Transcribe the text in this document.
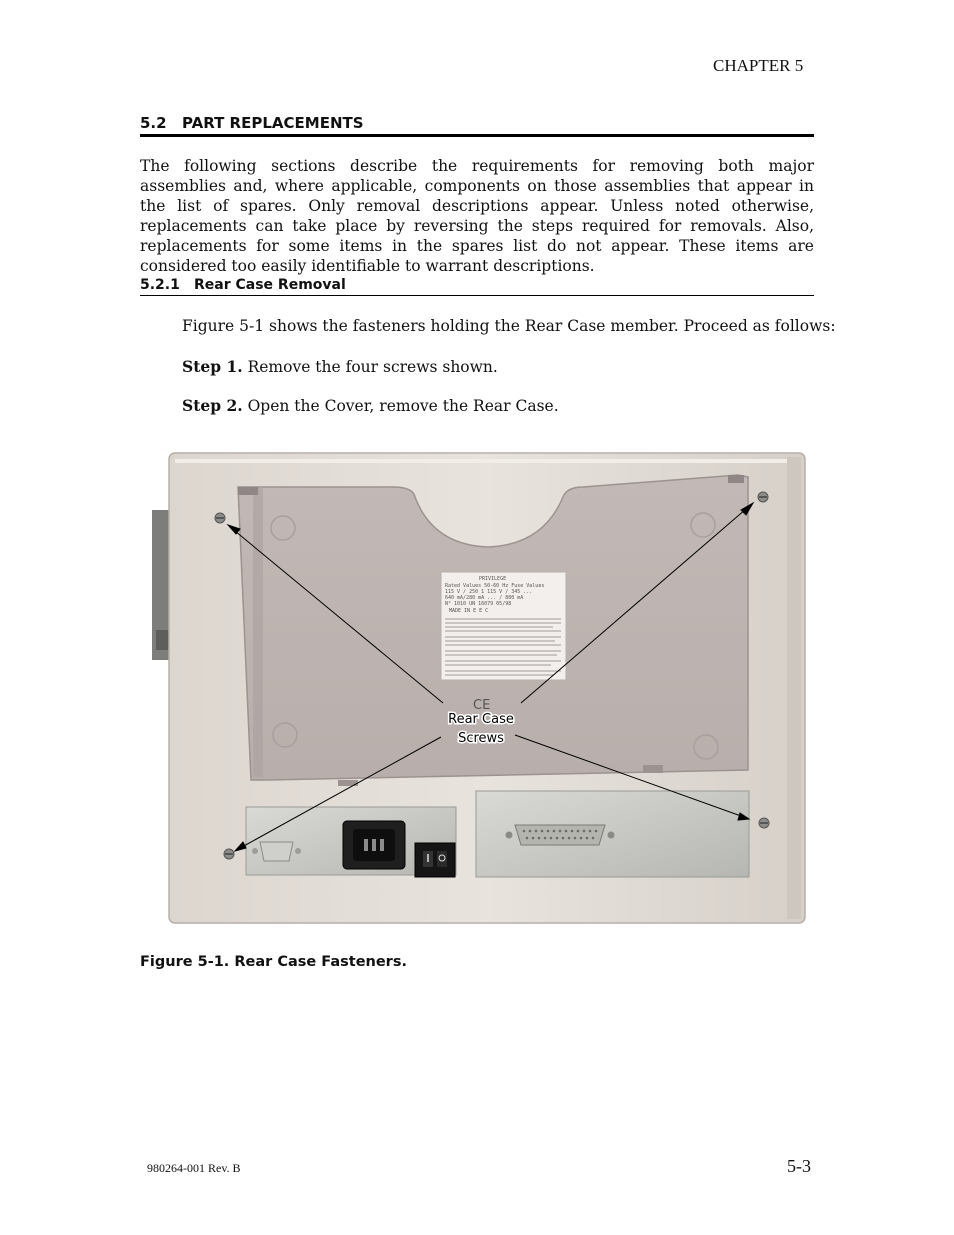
CHAPTER 5
5.2 PART REPLACEMENTS
The following sections describe the requirements for removing both major assemblies and, where applicable, components on those assemblies that appear in the list of spares. Only removal descriptions appear. Unless noted otherwise, replacements can take place by reversing the steps required for removals. Also, replacements for some items in the spares list do not appear. These items are considered too easily identifiable to warrant descriptions.
5.2.1 Rear Case Removal
Figure 5-1 shows the fasteners holding the Rear Case member. Proceed as follows:
Step 1. Remove the four screws shown.
Step 2. Open the Cover, remove the Rear Case.
PRIVILEGE
Rated Values 50-60 Hz Fuse Values
115 V / 250 1 115 V / 345 ...
640 mA/280 mA ... / 800 mA
N° 1010 UN 16079 05/98
MADE IN E E C
CE
Rear Case
Screws
Figure 5-1. Rear Case Fasteners.
980264-001 Rev. B	5-3
